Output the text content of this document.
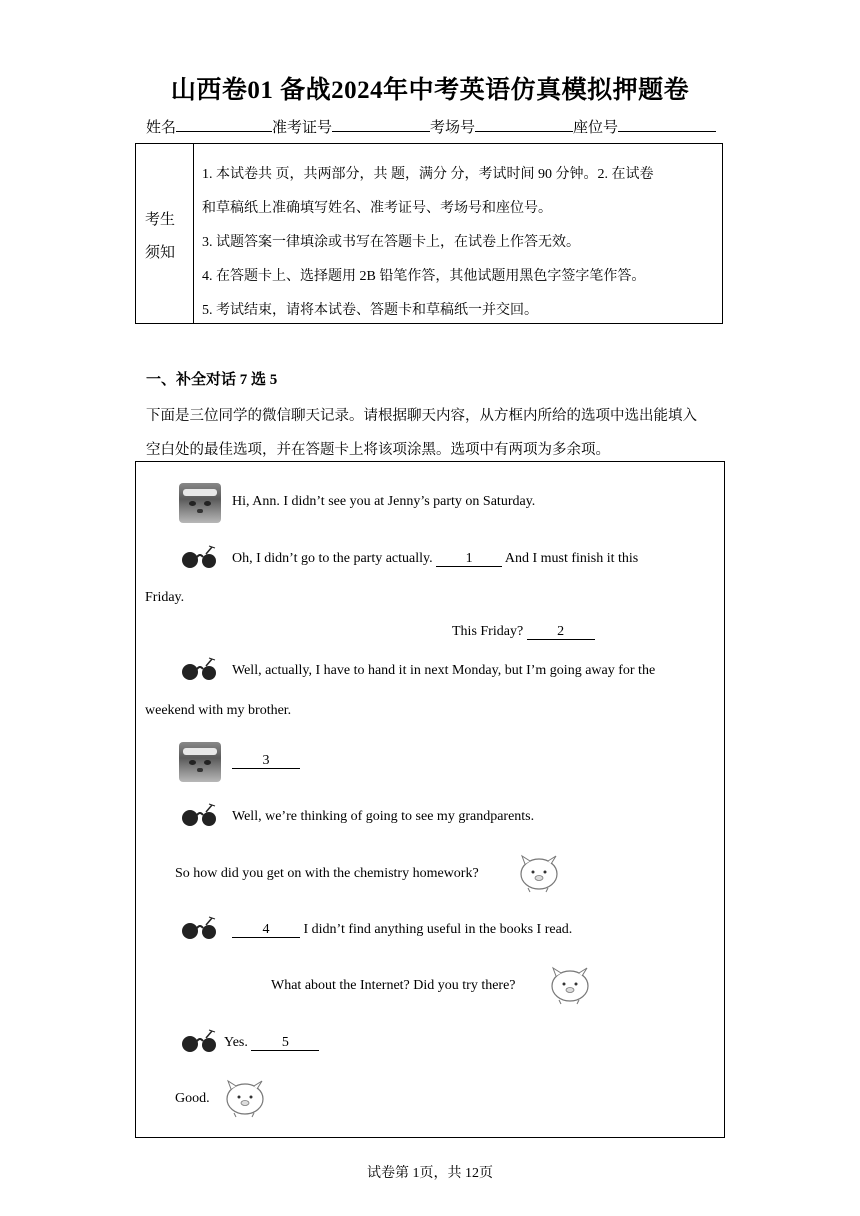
山西卷01 备战2024年中考英语仿真模拟押题卷
姓名	准考证号	考场号	座位号
考生
须知
1. 本试卷共 页，共两部分，共 题，满分 分，考试时间 90 分钟。2. 在试卷
和草稿纸上准确填写姓名、准考证号、考场号和座位号。
3. 试题答案一律填涂或书写在答题卡上，在试卷上作答无效。
4. 在答题卡上、选择题用 2B 铅笔作答，其他试题用黑色字签字笔作答。
5. 考试结束，请将本试卷、答题卡和草稿纸一并交回。
一、补全对话 7 选 5
下面是三位同学的微信聊天记录。请根据聊天内容，从方框内所给的选项中选出能填入
空白处的最佳选项，并在答题卡上将该项涂黑。选项中有两项为多余项。
Hi, Ann. I didn’t see you at Jenny’s party on Saturday.
Oh, I didn’t go to the party actually. 1 And I must finish it this
Friday.
This Friday? 2
Well, actually, I have to hand it in next Monday, but I’m going away for the
weekend with my brother.
3
Well, we’re thinking of going to see my grandparents.
So how did you get on with the chemistry homework?
4 I didn’t find anything useful in the books I read.
What about the Internet? Did you try there?
Yes. 5
Good.
试卷第 1页，共 12页
